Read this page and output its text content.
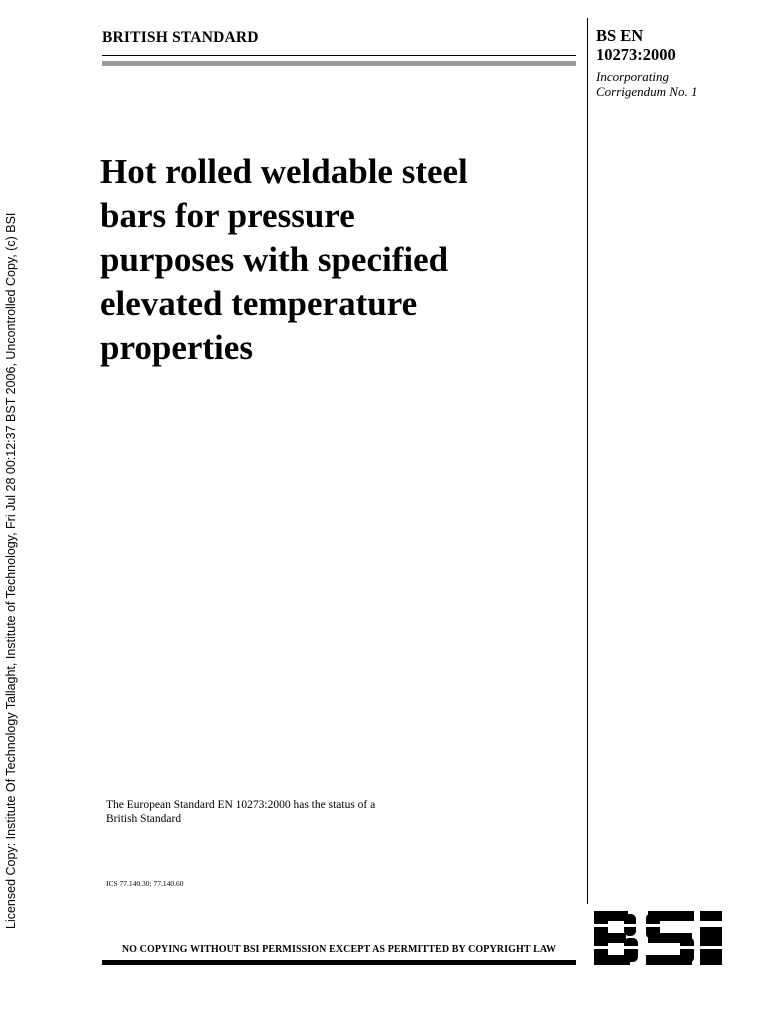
Licensed Copy: Institute Of Technology Tallaght, Institute of Technology, Fri Jul 28 00:12:37 BST 2006, Uncontrolled Copy, (c) BSI
BRITISH STANDARD	BS EN
10273:2000
Incorporating
Corrigendum No. 1
Hot rolled weldable steel
bars for pressure
purposes with specified
elevated temperature
properties
The European Standard EN 10273:2000 has the status of a
British Standard
ICS 77.140.30; 77.140.60
NO COPYING WITHOUT BSI PERMISSION EXCEPT AS PERMITTED BY COPYRIGHT LAW
